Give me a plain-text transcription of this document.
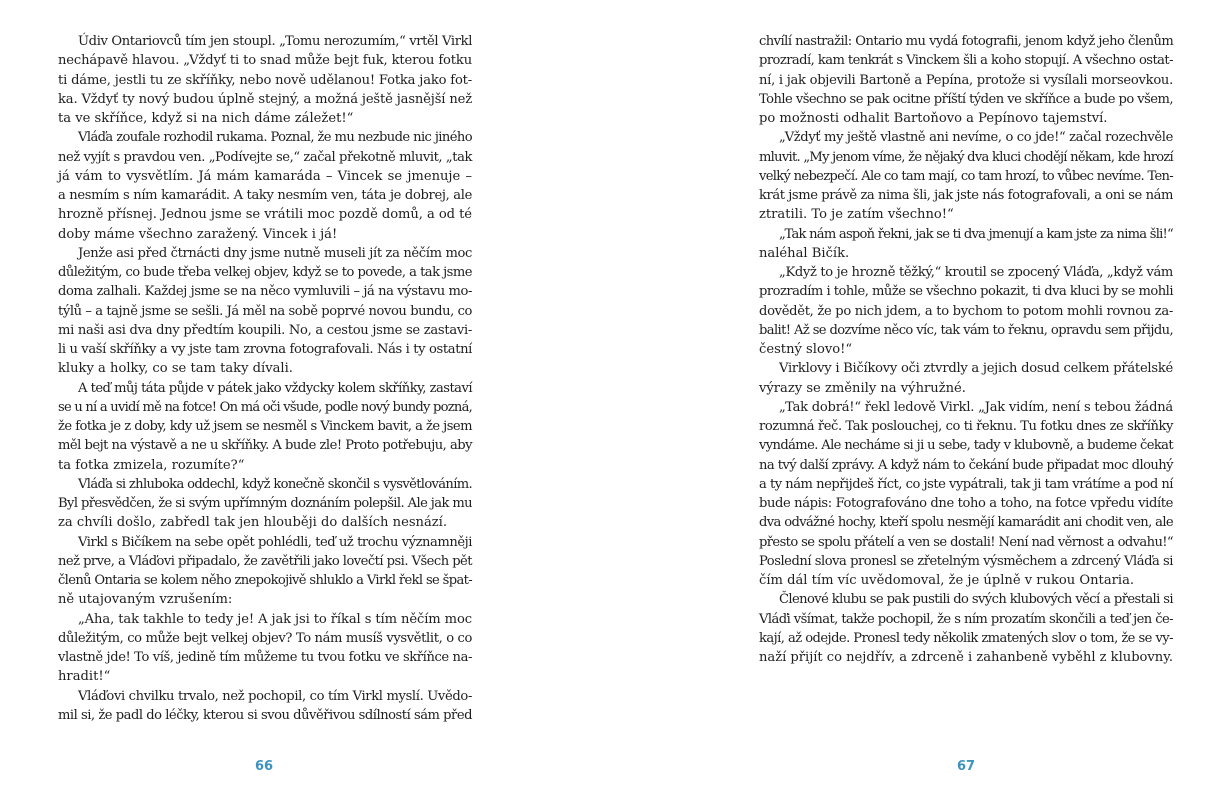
Údiv Ontariovců tím jen stoupl. „Tomu nerozumím,“ vrtěl Virkl
nechápavě hlavou. „Vždyť ti to snad může bejt fuk, kterou fotku
ti dáme, jestli tu ze skříňky, nebo nově udělanou! Fotka jako fot-
ka. Vždyť ty nový budou úplně stejný, a možná ještě jasnější než
ta ve skříňce, když si na nich dáme záležet!“
Vláďa zoufale rozhodil rukama. Poznal, že mu nezbude nic jiného
než vyjít s pravdou ven. „Podívejte se,“ začal překotně mluvit, „tak
já vám to vysvětlím. Já mám kamaráda – Vincek se jmenuje –
a nesmím s ním kamarádit. A taky nesmím ven, táta je dobrej, ale
hrozně přísnej. Jednou jsme se vrátili moc pozdě domů, a od té
doby máme všechno zaražený. Vincek i já!
Jenže asi před čtrnácti dny jsme nutně museli jít za něčím moc
důležitým, co bude třeba velkej objev, když se to povede, a tak jsme
doma zalhali. Každej jsme se na něco vymluvili – já na výstavu mo-
týlů – a tajně jsme se sešli. Já měl na sobě poprvé novou bundu, co
mi naši asi dva dny předtím koupili. No, a cestou jsme se zastavi-
li u vaší skříňky a vy jste tam zrovna fotografovali. Nás i ty ostatní
kluky a holky, co se tam taky dívali.
A teď můj táta půjde v pátek jako vždycky kolem skříňky, zastaví
se u ní a uvidí mě na fotce! On má oči všude, podle nový bundy pozná,
že fotka je z doby, kdy už jsem se nesměl s Vinckem bavit, a že jsem
měl bejt na výstavě a ne u skříňky. A bude zle! Proto potřebuju, aby
ta fotka zmizela, rozumíte?“
Vláďa si zhluboka oddechl, když konečně skončil s vysvětlováním.
Byl přesvědčen, že si svým upřímným doznáním polepšil. Ale jak mu
za chvíli došlo, zabředl tak jen hlouběji do dalších nesnází.
Virkl s Bičíkem na sebe opět pohlédli, teď už trochu významněji
než prve, a Vláďovi připadalo, že zavětřili jako lovečtí psi. Všech pět
členů Ontaria se kolem něho znepokojivě shluklo a Virkl řekl se špat-
ně utajovaným vzrušením:
„Aha, tak takhle to tedy je! A jak jsi to říkal s tím něčím moc
důležitým, co může bejt velkej objev? To nám musíš vysvětlit, o co
vlastně jde! To víš, jedině tím můžeme tu tvou fotku ve skříňce na-
hradit!“
Vláďovi chvilku trvalo, než pochopil, co tím Virkl myslí. Uvědo-
mil si, že padl do léčky, kterou si svou důvěřivou sdílností sám před
66
chvílí nastražil: Ontario mu vydá fotografii, jenom když jeho členům
prozradí, kam tenkrát s Vinckem šli a koho stopují. A všechno ostat-
ní, i jak objevili Bartoně a Pepína, protože si vysílali morseovkou.
Tohle všechno se pak ocitne příští týden ve skříňce a bude po všem,
po možnosti odhalit Bartoňovo a Pepínovo tajemství.
„Vždyť my ještě vlastně ani nevíme, o co jde!“ začal rozechvěle
mluvit. „My jenom víme, že nějaký dva kluci chodějí někam, kde hrozí
velký nebezpečí. Ale co tam mají, co tam hrozí, to vůbec nevíme. Ten-
krát jsme právě za nima šli, jak jste nás fotografovali, a oni se nám
ztratili. To je zatím všechno!“
„Tak nám aspoň řekni, jak se ti dva jmenují a kam jste za nima šli!“
naléhal Bičík.
„Když to je hrozně těžký,“ kroutil se zpocený Vláďa, „když vám
prozradím i tohle, může se všechno pokazit, ti dva kluci by se mohli
dovědět, že po nich jdem, a to bychom to potom mohli rovnou za-
balit! Až se dozvíme něco víc, tak vám to řeknu, opravdu sem přijdu,
čestný slovo!“
Virklovy i Bičíkovy oči ztvrdly a jejich dosud celkem přátelské
výrazy se změnily na výhružné.
„Tak dobrá!“ řekl ledově Virkl. „Jak vidím, není s tebou žádná
rozumná řeč. Tak poslouchej, co ti řeknu. Tu fotku dnes ze skříňky
vyndáme. Ale necháme si ji u sebe, tady v klubovně, a budeme čekat
na tvý další zprávy. A když nám to čekání bude připadat moc dlouhý
a ty nám nepřijdeš říct, co jste vypátrali, tak ji tam vrátíme a pod ní
bude nápis: Fotografováno dne toho a toho, na fotce vpředu vidíte
dva odvážné hochy, kteří spolu nesmějí kamarádit ani chodit ven, ale
přesto se spolu přátelí a ven se dostali! Není nad věrnost a odvahu!“
Poslední slova pronesl se zřetelným výsměchem a zdrcený Vláďa si
čím dál tím víc uvědomoval, že je úplně v rukou Ontaria.
Členové klubu se pak pustili do svých klubových věcí a přestali si
Vláďi všímat, takže pochopil, že s ním prozatím skončili a teď jen če-
kají, až odejde. Pronesl tedy několik zmatených slov o tom, že se vy-
naží přijít co nejdřív, a zdrceně i zahanbeně vyběhl z klubovny.
67
